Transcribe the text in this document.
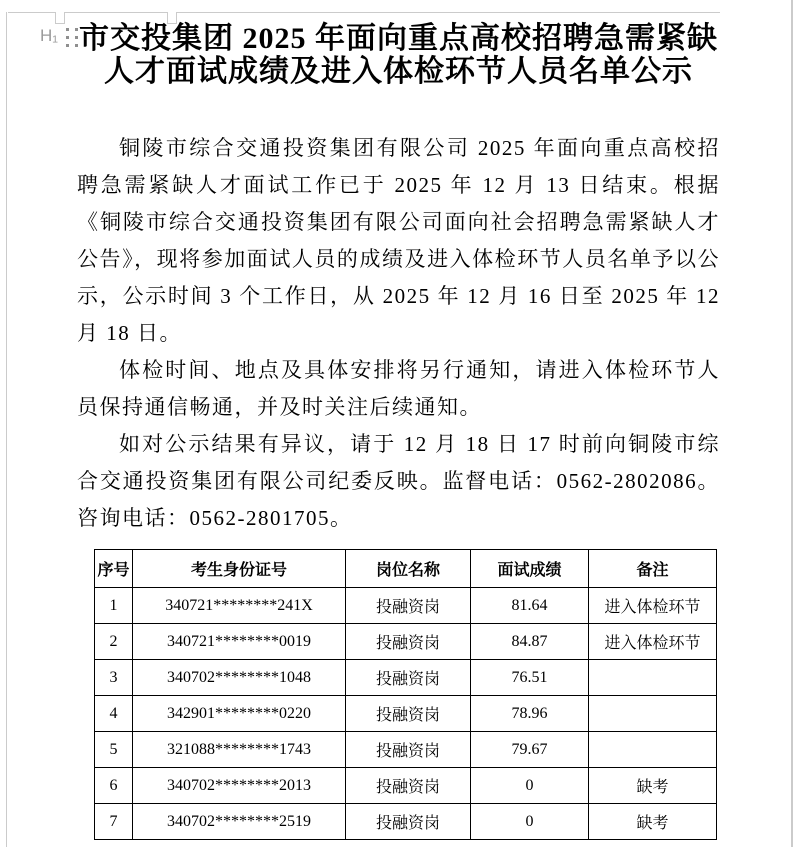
H₁ 市交投集团 2025 年面向重点高校招聘急需紧缺人才面试成绩及进入体检环节人员名单公示

铜陵市综合交通投资集团有限公司 2025 年面向重点高校招聘急需紧缺人才面试工作已于 2025 年 12 月 13 日结束。根据《铜陵市综合交通投资集团有限公司面向社会招聘急需紧缺人才公告》，现将参加面试人员的成绩及进入体检环节人员名单予以公示，公示时间 3 个工作日，从 2025 年 12 月 16 日至 2025 年 12 月 18 日。

体检时间、地点及具体安排将另行通知，请进入体检环节人员保持通信畅通，并及时关注后续通知。

如对公示结果有异议，请于 12 月 18 日 17 时前向铜陵市综合交通投资集团有限公司纪委反映。监督电话：0562-2802086。咨询电话：0562-2801705。

序号	考生身份证号	岗位名称	面试成绩	备注
1	340721********241X	投融资岗	81.64	进入体检环节
2	340721********0019	投融资岗	84.87	进入体检环节
3	340702********1048	投融资岗	76.51	
4	342901********0220	投融资岗	78.96	
5	321088********1743	投融资岗	79.67	
6	340702********2013	投融资岗	0	缺考
7	340702********2519	投融资岗	0	缺考
